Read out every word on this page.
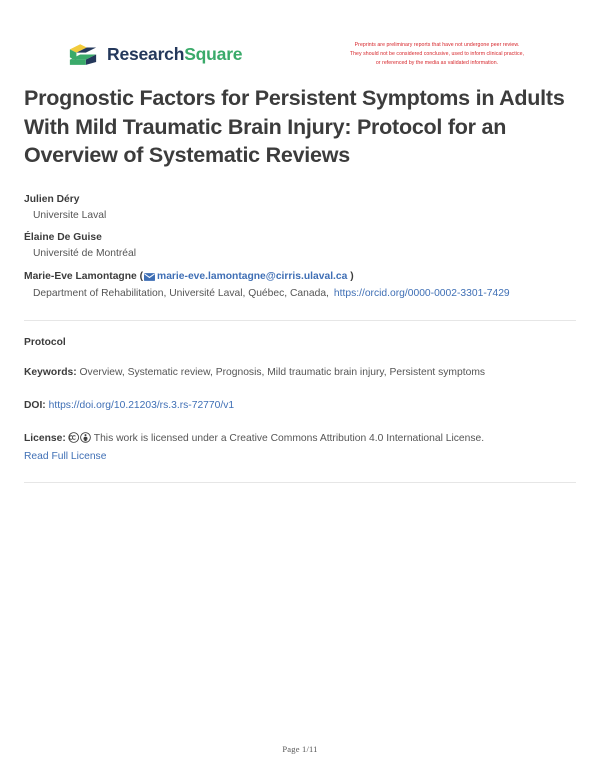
ResearchSquare	Preprints are preliminary reports that have not undergone peer review.
They should not be considered conclusive, used to inform clinical practice,
or referenced by the media as validated information.
Prognostic Factors for Persistent Symptoms in Adults With Mild Traumatic Brain Injury: Protocol for an Overview of Systematic Reviews
Julien Déry
Universite Laval
Élaine De Guise
Université de Montréal
Marie-Eve Lamontagne ( marie-eve.lamontagne@cirris.ulaval.ca )
Department of Rehabilitation, Université Laval, Québec, Canada, https://orcid.org/0000-0002-3301-7429
Protocol
Keywords: Overview, Systematic review, Prognosis, Mild traumatic brain injury, Persistent symptoms
DOI: https://doi.org/10.21203/rs.3.rs-72770/v1
License:	This work is licensed under a Creative Commons Attribution 4.0 International License.
Read Full License
Page 1/11
